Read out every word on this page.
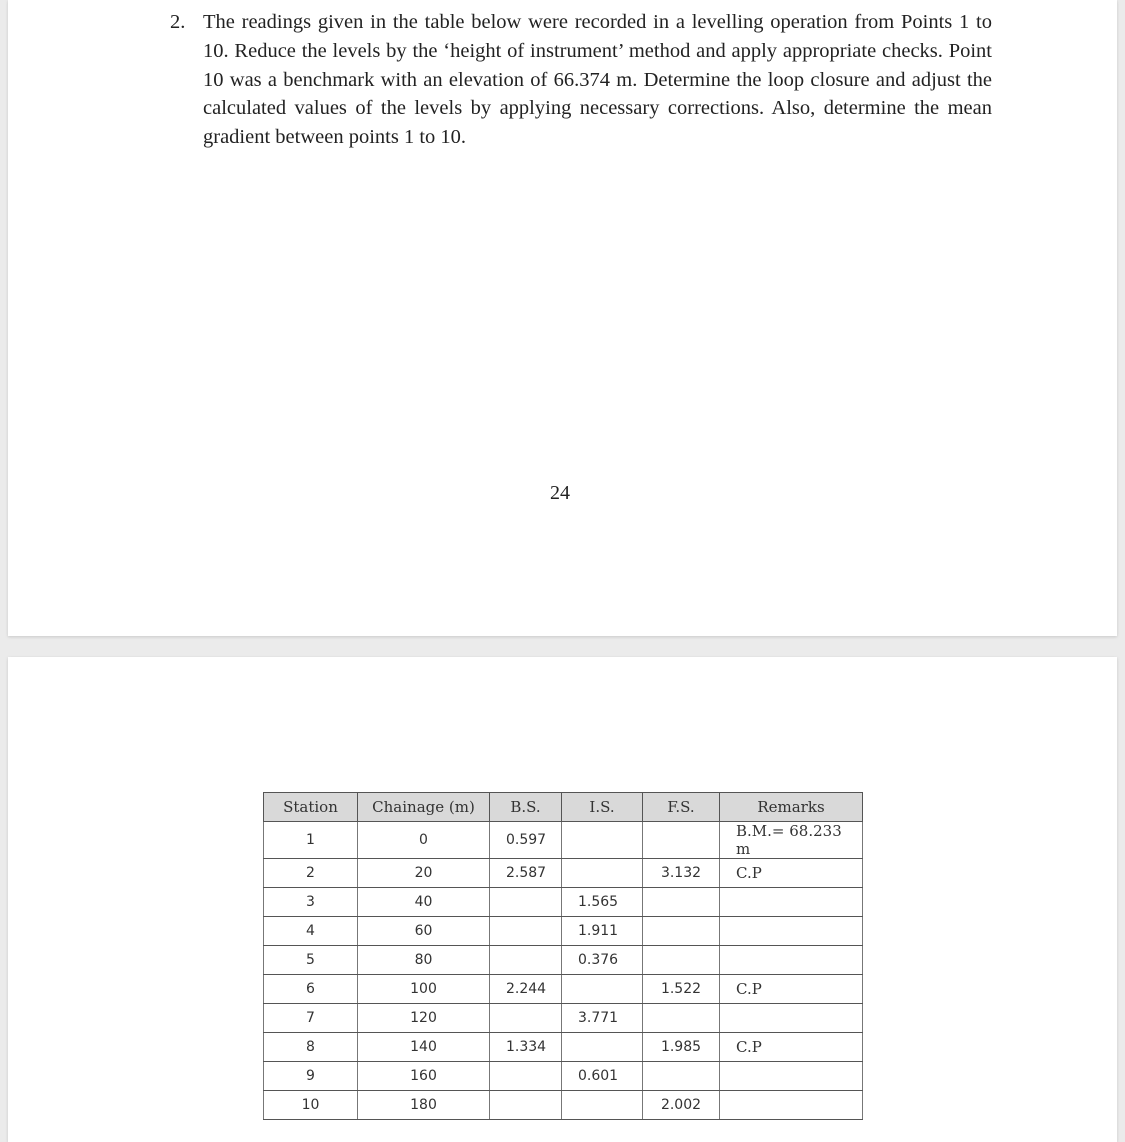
2. The readings given in the table below were recorded in a levelling operation from Points 1 to 10. Reduce the levels by the ‘height of instrument’ method and apply appropriate checks. Point 10 was a benchmark with an elevation of 66.374 m. Determine the loop closure and adjust the calculated values of the levels by applying necessary corrections. Also, determine the mean gradient between points 1 to 10.
24
Station	Chainage (m)	B.S.	I.S.	F.S.	Remarks
1	0	0.597			B.M.= 68.233 m
2	20	2.587		3.132	C.P
3	40		1.565		
4	60		1.911		
5	80		0.376		
6	100	2.244		1.522	C.P
7	120		3.771		
8	140	1.334		1.985	C.P
9	160		0.601		
10	180			2.002	
